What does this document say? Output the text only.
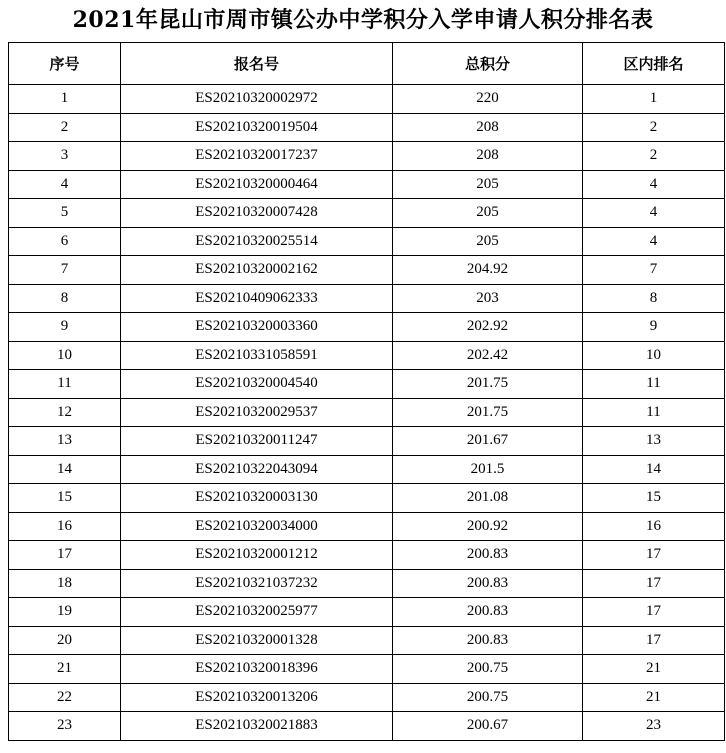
2021年昆山市周市镇公办中学积分入学申请人积分排名表
序号	报名号	总积分	区内排名
1	ES20210320002972	220	1
2	ES20210320019504	208	2
3	ES20210320017237	208	2
4	ES20210320000464	205	4
5	ES20210320007428	205	4
6	ES20210320025514	205	4
7	ES20210320002162	204.92	7
8	ES20210409062333	203	8
9	ES20210320003360	202.92	9
10	ES20210331058591	202.42	10
11	ES20210320004540	201.75	11
12	ES20210320029537	201.75	11
13	ES20210320011247	201.67	13
14	ES20210322043094	201.5	14
15	ES20210320003130	201.08	15
16	ES20210320034000	200.92	16
17	ES20210320001212	200.83	17
18	ES20210321037232	200.83	17
19	ES20210320025977	200.83	17
20	ES20210320001328	200.83	17
21	ES20210320018396	200.75	21
22	ES20210320013206	200.75	21
23	ES20210320021883	200.67	23
